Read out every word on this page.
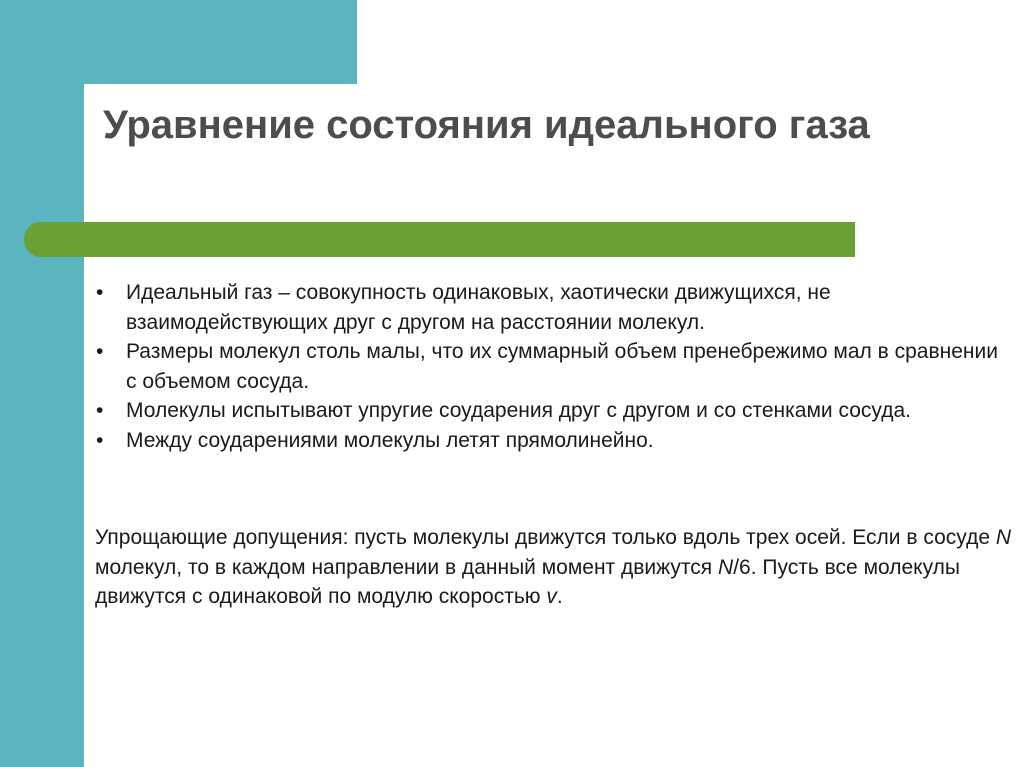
Уравнение состояния идеального газа
• Идеальный газ – совокупность одинаковых, хаотически движущихся, не взаимодействующих друг с другом на расстоянии молекул.
• Размеры молекул столь малы, что их суммарный объем пренебрежимо мал в сравнении с объемом сосуда.
• Молекулы испытывают упругие соударения друг с другом и со стенками сосуда.
• Между соударениями молекулы летят прямолинейно.

Упрощающие допущения: пусть молекулы движутся только вдоль трех осей. Если в сосуде N молекул, то в каждом направлении в данный момент движутся N/6. Пусть все молекулы движутся с одинаковой по модулю скоростью v.
